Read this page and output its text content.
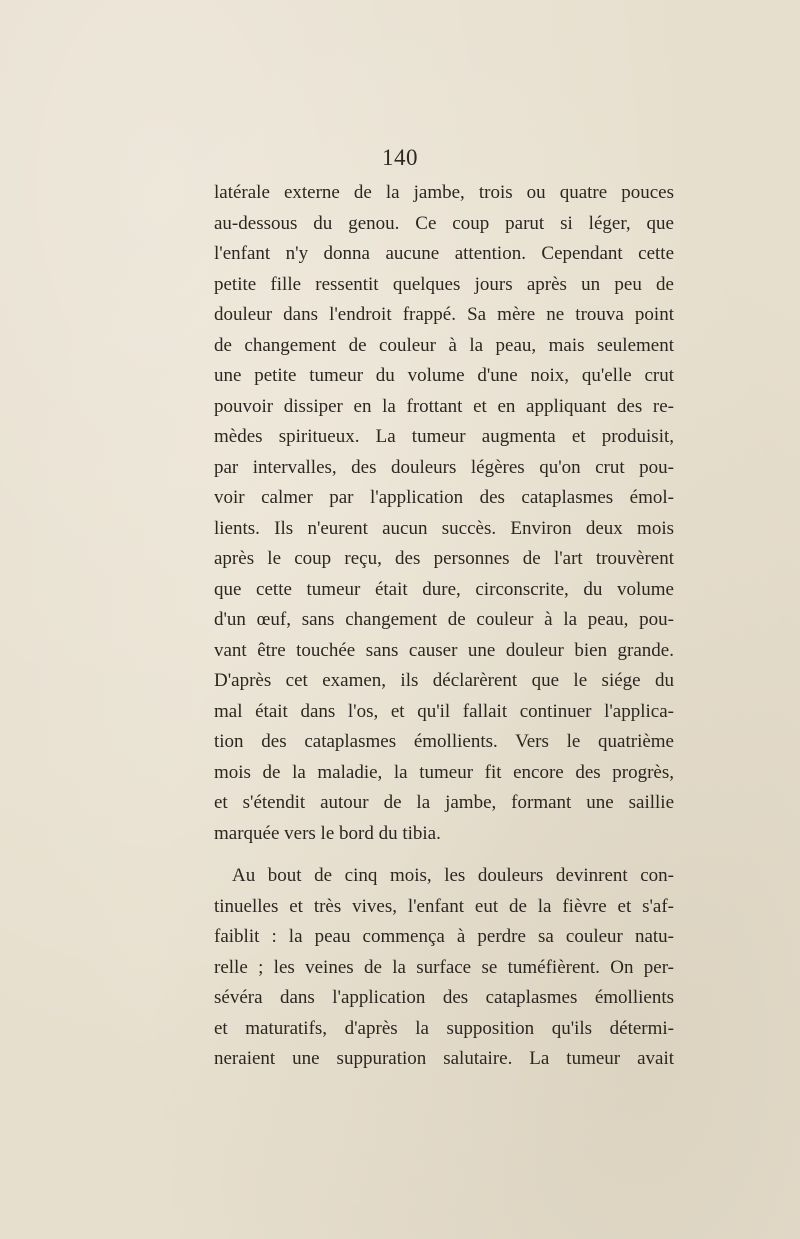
140
latérale externe de la jambe, trois ou quatre pouces
au-dessous du genou. Ce coup parut si léger, que
l'enfant n'y donna aucune attention. Cependant cette
petite fille ressentit quelques jours après un peu de
douleur dans l'endroit frappé. Sa mère ne trouva point
de changement de couleur à la peau, mais seulement
une petite tumeur du volume d'une noix, qu'elle crut
pouvoir dissiper en la frottant et en appliquant des re-
mèdes spiritueux. La tumeur augmenta et produisit,
par intervalles, des douleurs légères qu'on crut pou-
voir calmer par l'application des cataplasmes émol-
lients. Ils n'eurent aucun succès. Environ deux mois
après le coup reçu, des personnes de l'art trouvèrent
que cette tumeur était dure, circonscrite, du volume
d'un œuf, sans changement de couleur à la peau, pou-
vant être touchée sans causer une douleur bien grande.
D'après cet examen, ils déclarèrent que le siége du
mal était dans l'os, et qu'il fallait continuer l'applica-
tion des cataplasmes émollients. Vers le quatrième
mois de la maladie, la tumeur fit encore des progrès,
et s'étendit autour de la jambe, formant une saillie
marquée vers le bord du tibia.
Au bout de cinq mois, les douleurs devinrent con-
tinuelles et très vives, l'enfant eut de la fièvre et s'af-
faiblit : la peau commença à perdre sa couleur natu-
relle ; les veines de la surface se tuméfièrent. On per-
sévéra dans l'application des cataplasmes émollients
et maturatifs, d'après la supposition qu'ils détermi-
neraient une suppuration salutaire. La tumeur avait
